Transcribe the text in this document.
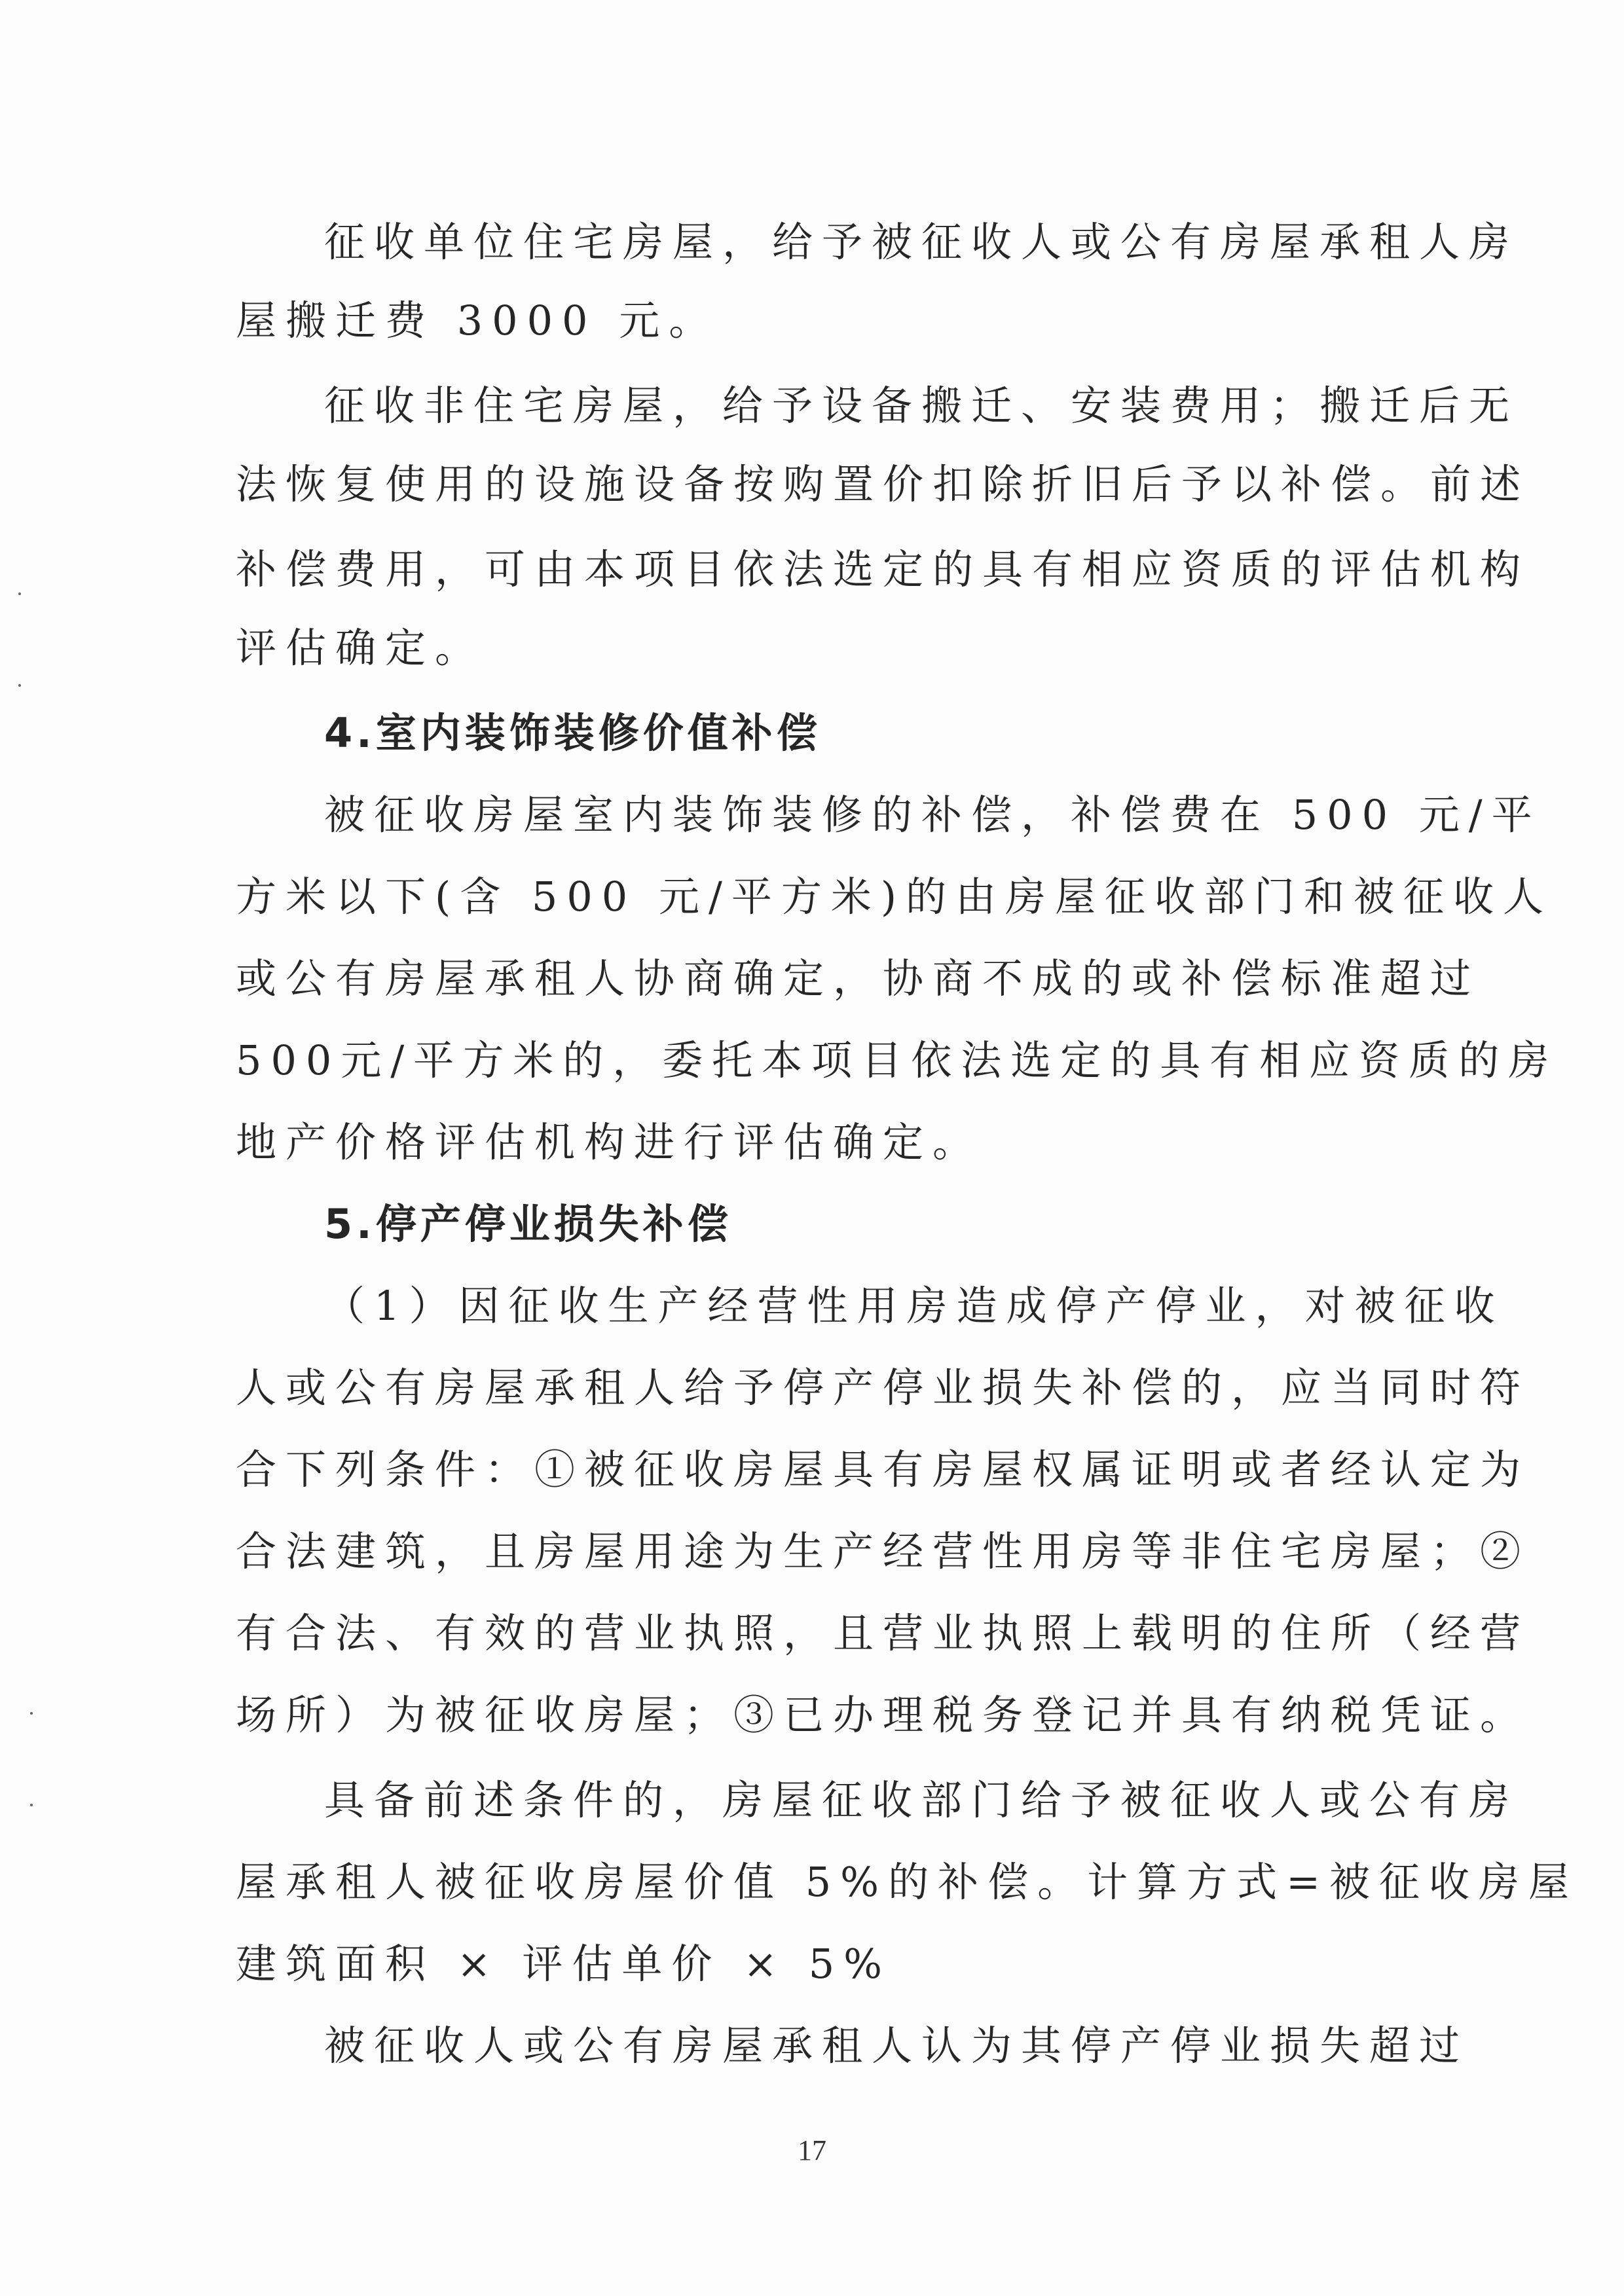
征收单位住宅房屋，给予被征收人或公有房屋承租人房
屋搬迁费 3000 元。
征收非住宅房屋，给予设备搬迁、安装费用；搬迁后无
法恢复使用的设施设备按购置价扣除折旧后予以补偿。前述
补偿费用，可由本项目依法选定的具有相应资质的评估机构
评估确定。
4.室内装饰装修价值补偿
被征收房屋室内装饰装修的补偿，补偿费在 500 元/平
方米以下(含 500 元/平方米)的由房屋征收部门和被征收人
或公有房屋承租人协商确定，协商不成的或补偿标准超过
500元/平方米的，委托本项目依法选定的具有相应资质的房
地产价格评估机构进行评估确定。
5.停产停业损失补偿
（1）因征收生产经营性用房造成停产停业，对被征收
人或公有房屋承租人给予停产停业损失补偿的，应当同时符
合下列条件：①被征收房屋具有房屋权属证明或者经认定为
合法建筑，且房屋用途为生产经营性用房等非住宅房屋；②
有合法、有效的营业执照，且营业执照上载明的住所（经营
场所）为被征收房屋；③已办理税务登记并具有纳税凭证。
具备前述条件的，房屋征收部门给予被征收人或公有房
屋承租人被征收房屋价值 5%的补偿。计算方式=被征收房屋
建筑面积 × 评估单价 × 5%
被征收人或公有房屋承租人认为其停产停业损失超过
17
